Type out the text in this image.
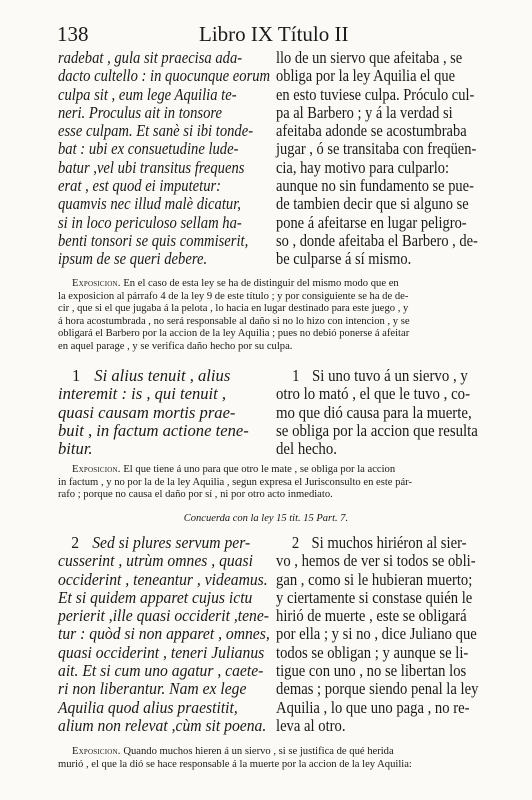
138	Libro IX Título II
radebat , gula sit praecisa ada-
dacto cultello : in quocunque eorum
culpa sit , eum lege Aquilia te-
neri. Proculus ait in tonsore
esse culpam. Et sanè si ibi tonde-
bat : ubi ex consuetudine lude-
batur ,vel ubi transitus frequens
erat , est quod ei imputetur:
quamvis nec illud malè dicatur,
si in loco periculoso sellam ha-
benti tonsori se quis commiserit,
ipsum de se queri debere.
llo de un siervo que afeitaba , se
obliga por la ley Aquilia el que
en esto tuviese culpa. Próculo cul-
pa al Barbero ; y á la verdad si
afeitaba adonde se acostumbraba
jugar , ó se transitaba con freqüen-
cia, hay motivo para culparlo:
aunque no sin fundamento se pue-
de tambien decir que si alguno se
pone á afeitarse en lugar peligro-
so , donde afeitaba el Barbero , de-
be culparse á sí mismo.
Exposicion. En el caso de esta ley se ha de distinguir del mismo modo que en
la exposicion al párrafo 4 de la ley 9 de este título ; y por consiguiente se ha de de-
cir , que si el que jugaba á la pelota , lo hacia en lugar destinado para este juego , y
á hora acostumbrada , no será responsable al daño si no lo hizo con intencion , y se
obligará el Barbero por la accion de la ley Aquilia ; pues no debió ponerse á afeitar
en aquel parage , y se verifica daño hecho por su culpa.
1 Si alius tenuit , alius
interemit : is , qui tenuit ,
quasi causam mortis prae-
buit , in factum actione tene-
bitur.
1 Si uno tuvo á un siervo , y
otro lo mató , el que le tuvo , co-
mo que dió causa para la muerte,
se obliga por la accion que resulta
del hecho.
Exposicion. El que tiene á uno para que otro le mate , se obliga por la accion
in factum , y no por la de la ley Aquilia , segun expresa el Jurisconsulto en este pár-
rafo ; porque no causa el daño por sí , ni por otro acto inmediato.
Concuerda con la ley 15 tit. 15 Part. 7.
2 Sed si plures servum per-
cusserint , utrùm omnes , quasi
occiderint , teneantur , videamus.
Et si quidem apparet cujus ictu
perierit ,ille quasi occiderit ,tene-
tur : quòd si non apparet , omnes,
quasi occiderint , teneri Julianus
ait. Et si cum uno agatur , caete-
ri non liberantur. Nam ex lege
Aquilia quod alius praestitit,
alium non relevat ,cùm sit poena.
2 Si muchos hiriéron al sier-
vo , hemos de ver si todos se obli-
gan , como si le hubieran muerto;
y ciertamente si constase quién le
hirió de muerte , este se obligará
por ella ; y si no , dice Juliano que
todos se obligan ; y aunque se li-
tigue con uno , no se libertan los
demas ; porque siendo penal la ley
Aquilia , lo que uno paga , no re-
leva al otro.
Exposicion. Quando muchos hieren á un siervo , si se justifica de qué herida
murió , el que la dió se hace responsable á la muerte por la accion de la ley Aquilia:
